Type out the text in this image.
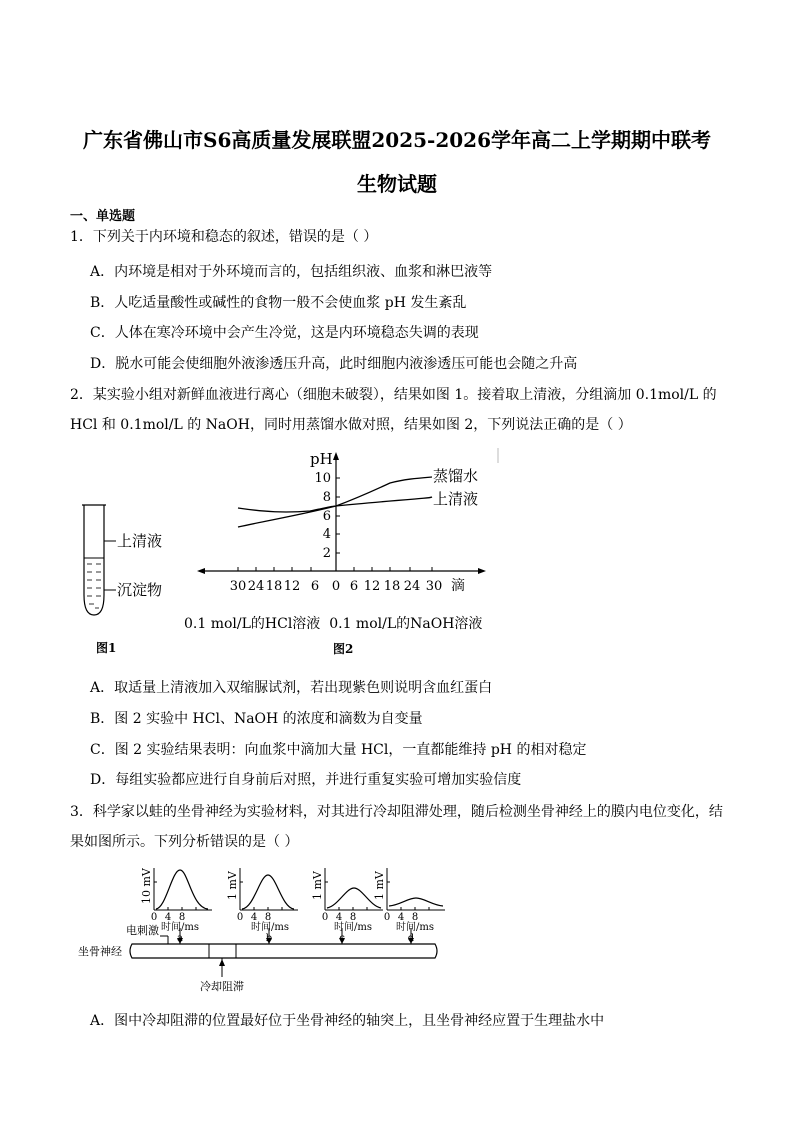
广东省佛山市S6高质量发展联盟2025-2026学年高二上学期期中联考
生物试题
一、单选题
1．下列关于内环境和稳态的叙述，错误的是（ ）
A．内环境是相对于外环境而言的，包括组织液、血浆和淋巴液等
B．人吃适量酸性或碱性的食物一般不会使血浆 pH 发生紊乱
C．人体在寒冷环境中会产生冷觉，这是内环境稳态失调的表现
D．脱水可能会使细胞外液渗透压升高，此时细胞内液渗透压可能也会随之升高
2．某实验小组对新鲜血液进行离心（细胞未破裂），结果如图 1。接着取上清液，分组滴加 0.1mol/L 的 HCl 和 0.1mol/L 的 NaOH，同时用蒸馏水做对照，结果如图 2，下列说法正确的是（ ）
上清液
沉淀物
图1
pH
10
8
6
4
2
30 24 18 12 6 0 6 12 18 24 30 滴
蒸馏水
上清液
0.1 mol/L的HCl溶液  0.1 mol/L的NaOH溶液
图2
A．取适量上清液加入双缩脲试剂，若出现紫色则说明含血红蛋白
B．图 2 实验中 HCl、NaOH 的浓度和滴数为自变量
C．图 2 实验结果表明：向血浆中滴加大量 HCl，一直都能维持 pH 的相对稳定
D．每组实验都应进行自身前后对照，并进行重复实验可增加实验信度
3．科学家以蛙的坐骨神经为实验材料，对其进行冷却阻滞处理，随后检测坐骨神经上的膜内电位变化，结果如图所示。下列分析错误的是（ ）
10 mV	1 mV	1 mV	1 mV
0 4 8	0 4 8	0 4 8	0 4 8
时间/ms	时间/ms	时间/ms 时间/ms
a	b	c	d
电刺激
坐骨神经
冷却阻滞
A．图中冷却阻滞的位置最好位于坐骨神经的轴突上，且坐骨神经应置于生理盐水中
